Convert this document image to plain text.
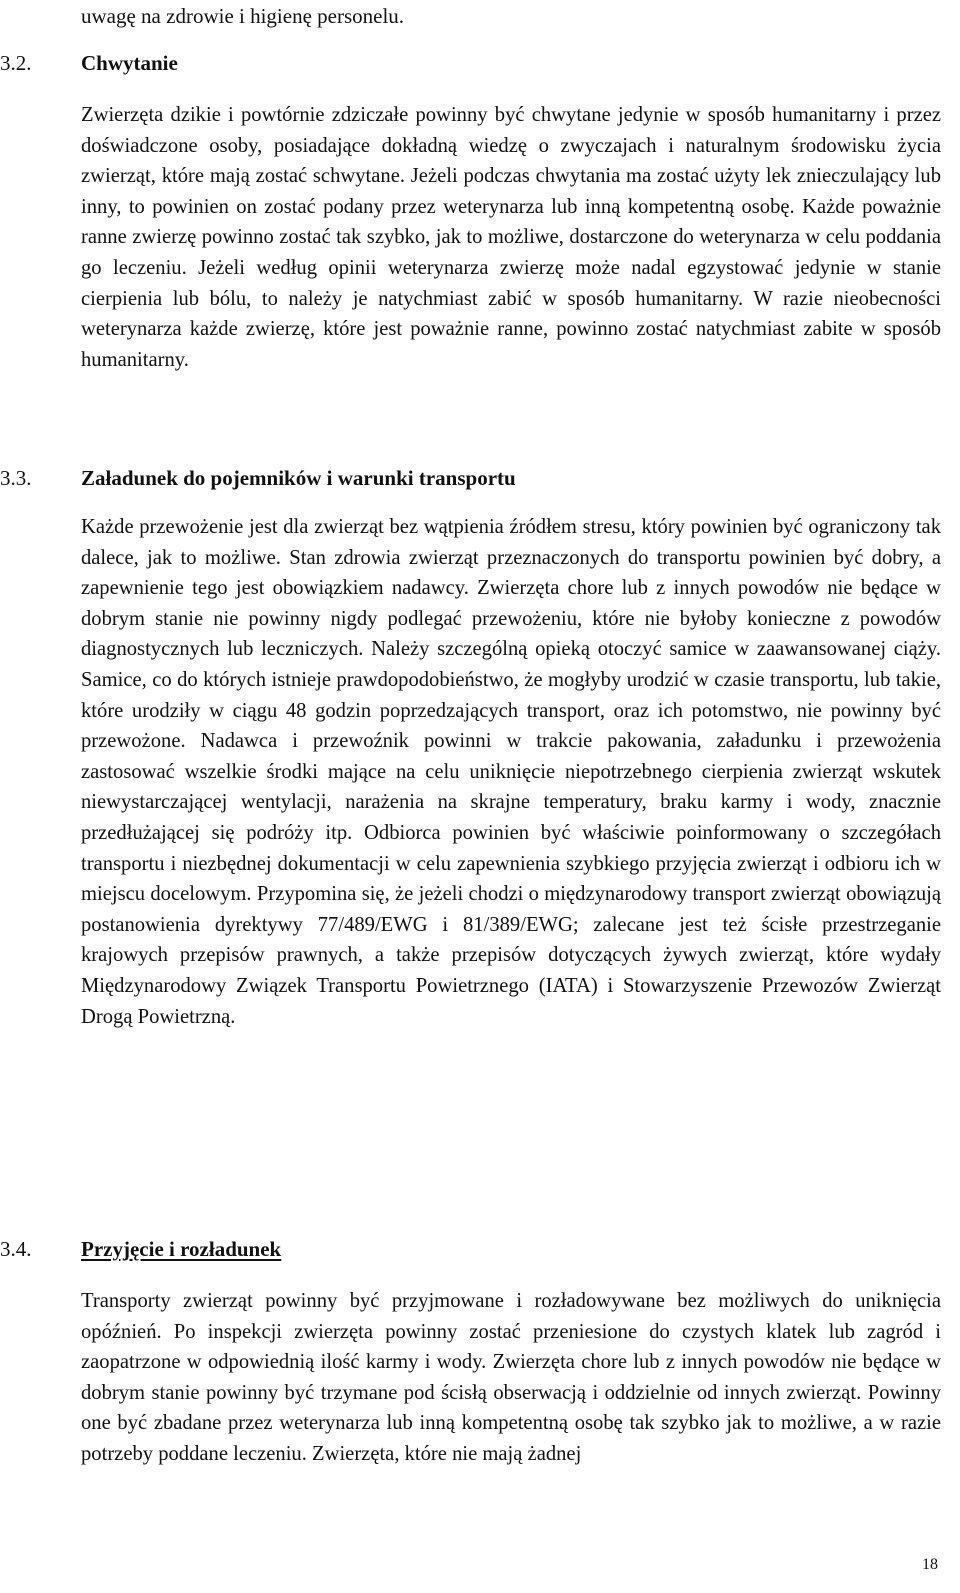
uwagę na zdrowie i higienę personelu.
3.2.	Chwytanie

Zwierzęta dzikie i powtórnie zdziczałe powinny być chwytane jedynie w sposób humanitarny i przez doświadczone osoby, posiadające dokładną wiedzę o zwyczajach i naturalnym środowisku życia zwierząt, które mają zostać schwytane. Jeżeli podczas chwytania ma zostać użyty lek znieczulający lub inny, to powinien on zostać podany przez weterynarza lub inną kompetentną osobę. Każde poważnie ranne zwierzę powinno zostać tak szybko, jak to możliwe, dostarczone do weterynarza w celu poddania go leczeniu. Jeżeli według opinii weterynarza zwierzę może nadal egzystować jedynie w stanie cierpienia lub bólu, to należy je natychmiast zabić w sposób humanitarny. W razie nieobecności weterynarza każde zwierzę, które jest poważnie ranne, powinno zostać natychmiast zabite w sposób humanitarny.

3.3.	Załadunek do pojemników i warunki transportu

Każde przewożenie jest dla zwierząt bez wątpienia źródłem stresu, który powinien być ograniczony tak dalece, jak to możliwe. Stan zdrowia zwierząt przeznaczonych do transportu powinien być dobry, a zapewnienie tego jest obowiązkiem nadawcy. Zwierzęta chore lub z innych powodów nie będące w dobrym stanie nie powinny nigdy podlegać przewożeniu, które nie byłoby konieczne z powodów diagnostycznych lub leczniczych. Należy szczególną opieką otoczyć samice w zaawansowanej ciąży. Samice, co do których istnieje prawdopodobieństwo, że mogłyby urodzić w czasie transportu, lub takie, które urodziły w ciągu 48 godzin poprzedzających transport, oraz ich potomstwo, nie powinny być przewożone. Nadawca i przewoźnik powinni w trakcie pakowania, załadunku i przewożenia zastosować wszelkie środki mające na celu uniknięcie niepotrzebnego cierpienia zwierząt wskutek niewystarczającej wentylacji, narażenia na skrajne temperatury, braku karmy i wody, znacznie przedłużającej się podróży itp. Odbiorca powinien być właściwie poinformowany o szczegółach transportu i niezbędnej dokumentacji w celu zapewnienia szybkiego przyjęcia zwierząt i odbioru ich w miejscu docelowym. Przypomina się, że jeżeli chodzi o międzynarodowy transport zwierząt obowiązują postanowienia dyrektywy 77/489/EWG i 81/389/EWG; zalecane jest też ścisłe przestrzeganie krajowych przepisów prawnych, a także przepisów dotyczących żywych zwierząt, które wydały Międzynarodowy Związek Transportu Powietrznego (IATA) i Stowarzyszenie Przewozów Zwierząt Drogą Powietrzną.

3.4.	Przyjęcie i rozładunek

Transporty zwierząt powinny być przyjmowane i rozładowywane bez możliwych do uniknięcia opóźnień. Po inspekcji zwierzęta powinny zostać przeniesione do czystych klatek lub zagród i zaopatrzone w odpowiednią ilość karmy i wody. Zwierzęta chore lub z innych powodów nie będące w dobrym stanie powinny być trzymane pod ścisłą obserwacją i oddzielnie od innych zwierząt. Powinny one być zbadane przez weterynarza lub inną kompetentną osobę tak szybko jak to możliwe, a w razie potrzeby poddane leczeniu. Zwierzęta, które nie mają żadnej

18
